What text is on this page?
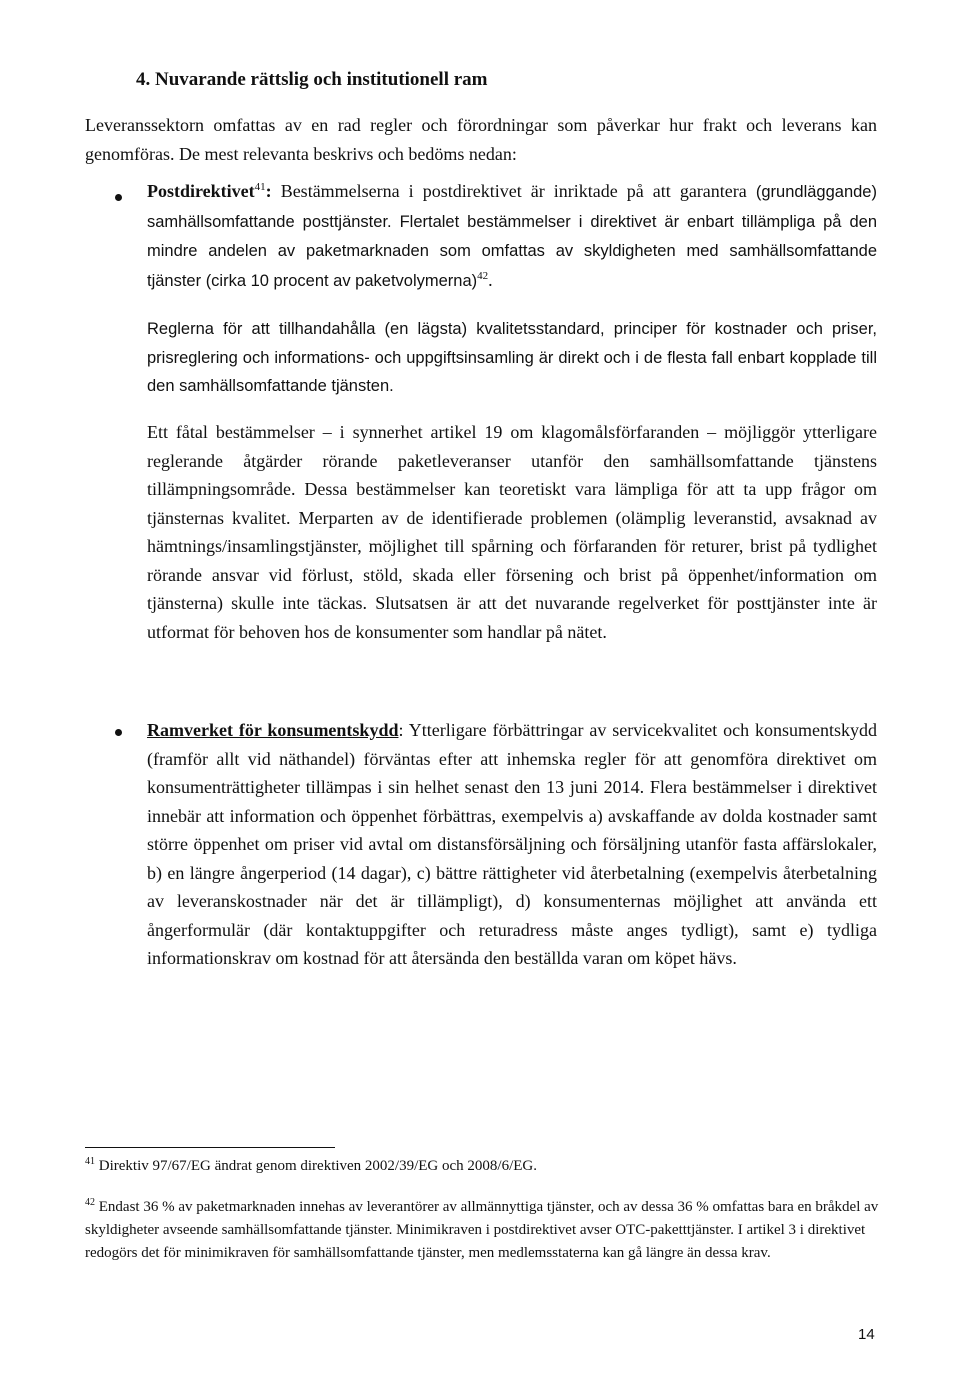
4. Nuvarande rättslig och institutionell ram

Leveranssektorn omfattas av en rad regler och förordningar som påverkar hur frakt och leverans kan genomföras. De mest relevanta beskrivs och bedöms nedan:

Postdirektivet$^{41}$: Bestämmelserna i postdirektivet är inriktade på att garantera (grundläggande) samhällsomfattande posttjänster. Flertalet bestämmelser i direktivet är enbart tillämpliga på den mindre andelen av paketmarknaden som omfattas av skyldigheten med samhällsomfattande tjänster (cirka 10 procent av paketvolymerna)$^{42}$.

Reglerna för att tillhandahålla (en lägsta) kvalitetsstandard, principer för kostnader och priser, prisreglering och informations- och uppgiftsinsamling är direkt och i de flesta fall enbart kopplade till den samhällsomfattande tjänsten.

Ett fåtal bestämmelser – i synnerhet artikel 19 om klagomålsförfaranden – möjliggör ytterligare reglerande åtgärder rörande paketleveranser utanför den samhällsomfattande tjänstens tillämpningsområde. Dessa bestämmelser kan teoretiskt vara lämpliga för att ta upp frågor om tjänsternas kvalitet. Merparten av de identifierade problemen (olämplig leveranstid, avsaknad av hämtnings/insamlingstjänster, möjlighet till spårning och förfaranden för returer, brist på tydlighet rörande ansvar vid förlust, stöld, skada eller försening och brist på öppenhet/information om tjänsterna) skulle inte täckas. Slutsatsen är att det nuvarande regelverket för posttjänster inte är utformat för behoven hos de konsumenter som handlar på nätet.

Ramverket för konsumentskydd: Ytterligare förbättringar av servicekvalitet och konsumentskydd (framför allt vid näthandel) förväntas efter att inhemska regler för att genomföra direktivet om konsumenträttigheter tillämpas i sin helhet senast den 13 juni 2014. Flera bestämmelser i direktivet innebär att information och öppenhet förbättras, exempelvis a) avskaffande av dolda kostnader samt större öppenhet om priser vid avtal om distansförsäljning och försäljning utanför fasta affärslokaler, b) en längre ångerperiod (14 dagar), c) bättre rättigheter vid återbetalning (exempelvis återbetalning av leveranskostnader när det är tillämpligt), d) konsumenternas möjlighet att använda ett ångerformulär (där kontaktuppgifter och returadress måste anges tydligt), samt e) tydliga informationskrav om kostnad för att återsända den beställda varan om köpet hävs.

$^{41}$ Direktiv 97/67/EG ändrat genom direktiven 2002/39/EG och 2008/6/EG.

$^{42}$ Endast 36 % av paketmarknaden innehas av leverantörer av allmännyttiga tjänster, och av dessa 36 % omfattas bara en bråkdel av skyldigheter avseende samhällsomfattande tjänster. Minimikraven i postdirektivet avser OTC-paketttjänster. I artikel 3 i direktivet redogörs det för minimikraven för samhällsomfattande tjänster, men medlemsstaterna kan gå längre än dessa krav.

14
